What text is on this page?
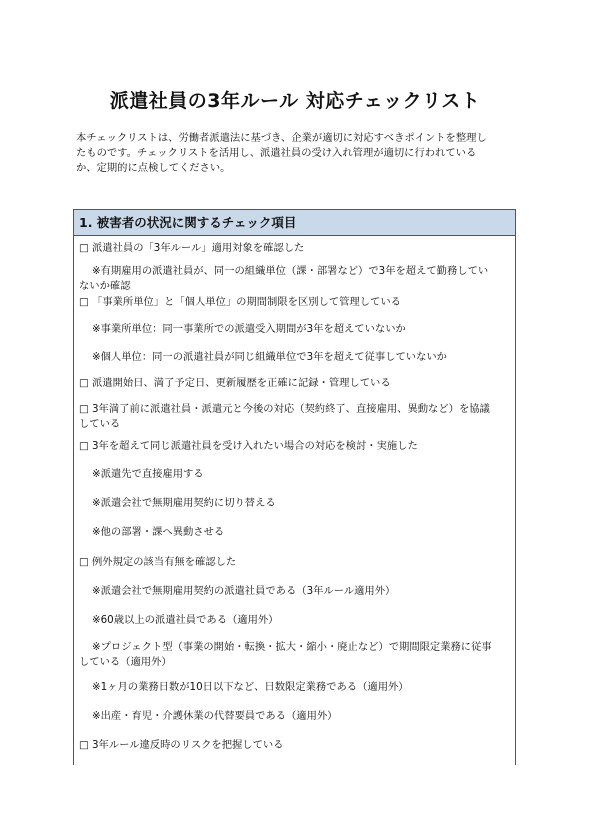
派遣社員の3年ルール 対応チェックリスト
本チェックリストは、労働者派遣法に基づき、企業が適切に対応すべきポイントを整理し
たものです。チェックリストを活用し、派遣社員の受け入れ管理が適切に行われている
か、定期的に点検してください。
1. 被害者の状況に関するチェック項目
□ 派遣社員の「3年ルール」適用対象を確認した
※有期雇用の派遣社員が、同一の組織単位（課・部署など）で3年を超えて勤務してい
ないか確認
□ 「事業所単位」と「個人単位」の期間制限を区別して管理している
※事業所単位：同一事業所での派遣受入期間が3年を超えていないか
※個人単位：同一の派遣社員が同じ組織単位で3年を超えて従事していないか
□ 派遣開始日、満了予定日、更新履歴を正確に記録・管理している
□ 3年満了前に派遣社員・派遣元と今後の対応（契約終了、直接雇用、異動など）を協議
している
□ 3年を超えて同じ派遣社員を受け入れたい場合の対応を検討・実施した
※派遣先で直接雇用する
※派遣会社で無期雇用契約に切り替える
※他の部署・課へ異動させる
□ 例外規定の該当有無を確認した
※派遣会社で無期雇用契約の派遣社員である（3年ルール適用外）
※60歳以上の派遣社員である（適用外）
※プロジェクト型（事業の開始・転換・拡大・縮小・廃止など）で期間限定業務に従事
している（適用外）
※1ヶ月の業務日数が10日以下など、日数限定業務である（適用外）
※出産・育児・介護休業の代替要員である（適用外）
□ 3年ルール違反時のリスクを把握している
